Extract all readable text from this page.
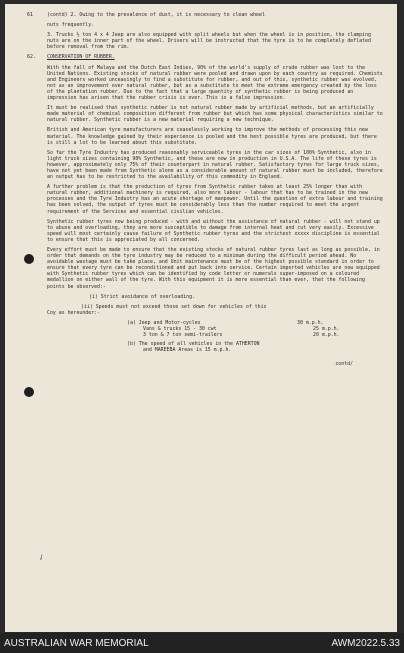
✓

61	(contd) 2. Owing to the prevalence of dust, it is necessary to clean wheel

nuts frequently.

3. Trucks ½ ton 4 x 4 Jeep are also equipped with split wheels but when the wheel is in position, the clamping nuts are on the inner part of the wheel. Drivers will be instructed that the tyre is to be completely deflated before removal from the rim.

62. CONSERVATION OF RUBBER.

With the fall of Malaya and the Dutch East Indies, 90% of the world's supply of crude rubber was lost to the United Nations. Existing stocks of natural rubber were pooled and drawn upon by each country as required. Chemists and Engineers worked unceasingly to find a substitute for rubber, and out of this, synthetic rubber was evolved, not as an improvement over natural rubber, but as a substitute to meet the extreme emergency created by the loss of the plantation rubber. Due to the fact that a large quantity of synthetic rubber is being produced an impression has arisen that the rubber crisis is over. This is a false impression.

It must be realised that synthetic rubber is not natural rubber made by artificial methods, but an artificially made material of chemical composition different from rubber but which has some physical characteristics similar to natural rubber. Synthetic rubber is a new material requiring a new technique.

British and American tyre manufacturers are ceaselessly working to improve the methods of processing this new material. The knowledge gained by their experience is pooled and the best possible tyres are produced, but there is still a lot to be learned about this substitute.

So far the Tyre Industry has produced reasonably serviceable tyres in the car sizes of 100% Synthetic, also in light truck sizes containing 90% Synthetic, and these are now in production in U.S.A. The life of these tyres is however, approximately only 75% of their counterpart in natural rubber. Satisfactory tyres for large truck sizes, have not yet been made from Synthetic alone as a considerable amount of natural rubber must be included, therefore an output has to be restricted to the availability of this commodity in England.

A further problem is that the production of tyres from Synthetic rubber takes at least 25% longer than with natural rubber, additional machinery is required, also more labour - labour that has to be trained in the new processes and the Tyre Industry has an acute shortage of manpower. Until the question of extra labour and training has been solved, the output of tyres must be considerably less than the number required to meet the urgent requirement of the Services and essential civilian vehicles.

Synthetic rubber tyres now being produced - with and without the assistance of natural rubber - will not stand up to abuse and overloading, they are more susceptible to damage from internal heat and cut very easily. Excessive speed will most certainly cause failure of Synthetic rubber tyres and the strictest xxxxx discipline is essential to ensure that this is appreciated by all concerned.

Every effort must be made to ensure that the existing stocks of natural rubber tyres last as long as possible, in order that demands on the tyre industry may be reduced to a minimum during the difficult period ahead. No avoidable wastage must be take place, and Unit maintenance must be of the highest possible standard in order to ensure that every tyre can be reconditioned and put back into service. Certain imported vehicles are now equipped with Synthetic rubber tyres which can be identified by code letter or numerals super-imposed on a coloured medallion on either wall of the tyre. With this equipment it is more essential than ever, that the following points be observed:-

(i) Strict avoidance of overloading.

(ii) Speeds must not exceed those set down for vehicles of this

Coy as hereunder:-

(a) Jeep and Motor-cycles	30 m.p.h.
Vans & trucks 15 - 30 cwt	25 m.p.h.
3 ton & 7 ton semi-trailers	20 m.p.h.

(b) The speed of all vehicles in the ATHERTON

and MAREEBA Areas is 15 m.p.h.

contd/

AUSTRALIAN WAR MEMORIAL	AWM2022.5.33
